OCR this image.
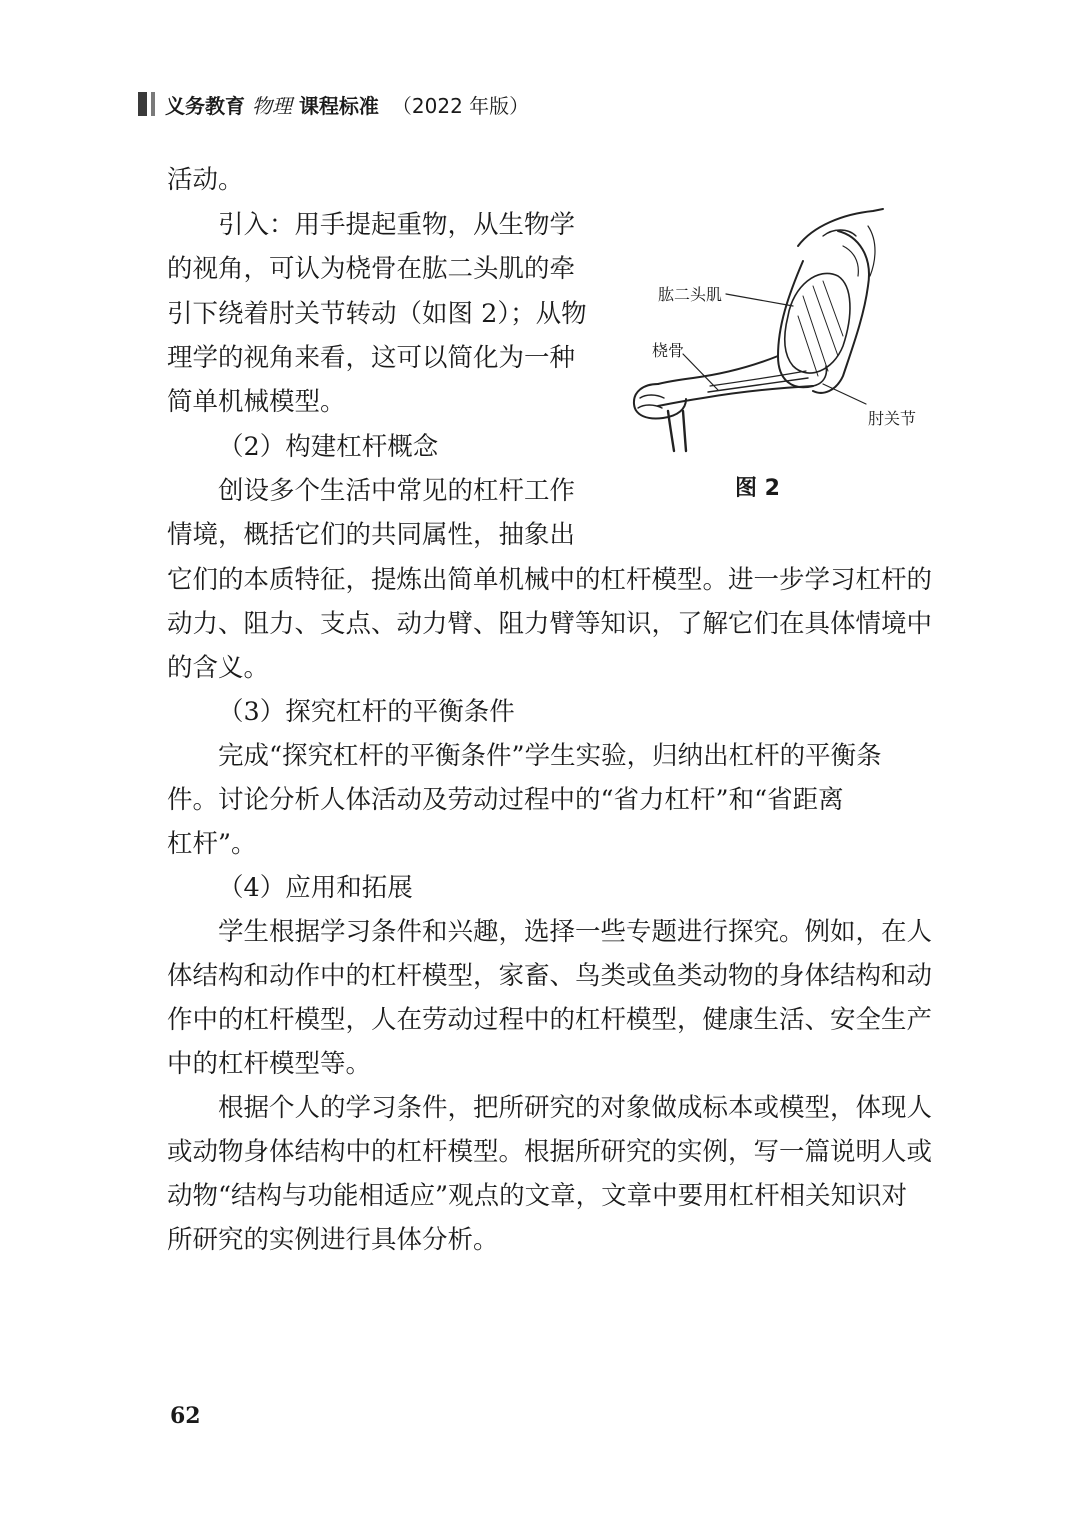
义务教育 物理 课程标准 （2022 年版）

活动。

引入：用手提起重物，从生物学

的视角，可认为桡骨在肱二头肌的牵

引下绕着肘关节转动（如图 2）；从物

理学的视角来看，这可以简化为一种

简单机械模型。

（2）构建杠杆概念

创设多个生活中常见的杠杆工作

情境，概括它们的共同属性，抽象出

它们的本质特征，提炼出简单机械中的杠杆模型。进一步学习杠杆的

动力、阻力、支点、动力臂、阻力臂等知识，了解它们在具体情境中

的含义。

（3）探究杠杆的平衡条件

完成“探究杠杆的平衡条件”学生实验，归纳出杠杆的平衡条

件。讨论分析人体活动及劳动过程中的“省力杠杆”和“省距离

杠杆”。

（4）应用和拓展

学生根据学习条件和兴趣，选择一些专题进行探究。例如，在人

体结构和动作中的杠杆模型，家畜、鸟类或鱼类动物的身体结构和动

作中的杠杆模型，人在劳动过程中的杠杆模型，健康生活、安全生产

中的杠杆模型等。

根据个人的学习条件，把所研究的对象做成标本或模型，体现人

或动物身体结构中的杠杆模型。根据所研究的实例，写一篇说明人或

动物“结构与功能相适应”观点的文章，文章中要用杠杆相关知识对

所研究的实例进行具体分析。

肱二头肌
桡骨
肘关节
图 2
62
